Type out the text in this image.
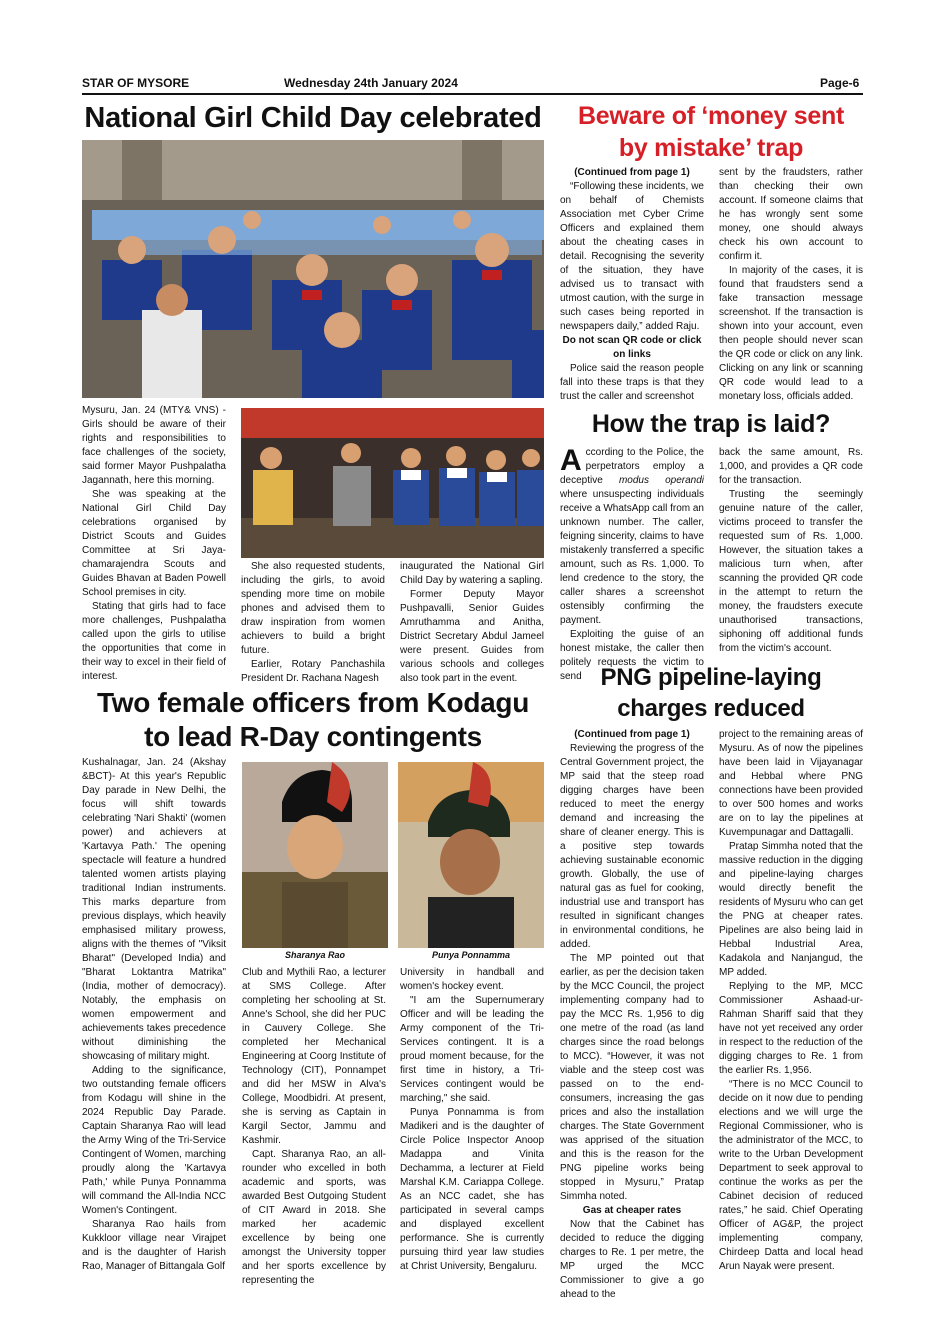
STAR OF MYSORE	Wednesday 24th January 2024	Page-6
National Girl Child Day celebrated

Mysuru, Jan. 24 (MTY& VNS) - Girls should be aware of their rights and responsibilities to face challenges of the society, said former Mayor Pushpalatha Jagannath, here this morning.

She was speaking at the National Girl Child Day celebrations organised by District Scouts and Guides Committee at Sri Jaya-chamarajendra Scouts and Guides Bhavan at Baden Powell School premises in city.

Stating that girls had to face more challenges, Pushpalatha called upon the girls to utilise the opportunities that come in their way to excel in their field of interest.

She also requested students, including the girls, to avoid spending more time on mobile phones and advised them to draw inspiration from women achievers to build a bright future.

Earlier, Rotary Panchashila President Dr. Rachana Nagesh

inaugurated the National Girl Child Day by watering a sapling.

Former Deputy Mayor Pushpavalli, Senior Guides Amruthamma and Anitha, District Secretary Abdul Jameel were present. Guides from various schools and colleges also took part in the event.

Two female officers from Kodagu
to lead R-Day contingents

Kushalnagar, Jan. 24 (Akshay &BCT)- At this year's Republic Day parade in New Delhi, the focus will shift towards celebrating 'Nari Shakti' (women power) and achievers at 'Kartavya Path.' The opening spectacle will feature a hundred talented women artists playing traditional Indian instruments. This marks departure from previous displays, which heavily emphasised military prowess, aligns with the themes of "Viksit Bharat" (Developed India) and "Bharat Loktantra Matrika" (India, mother of democracy). Notably, the emphasis on women empowerment and achievements takes precedence without diminishing the showcasing of military might.

Adding to the significance, two outstanding female officers from Kodagu will shine in the 2024 Republic Day Parade. Captain Sharanya Rao will lead the Army Wing of the Tri-Service Contingent of Women, marching proudly along the 'Kartavya Path,' while Punya Ponnamma will command the All-India NCC Women's Contingent.

Sharanya Rao hails from Kukkloor village near Virajpet and is the daughter of Harish Rao, Manager of Bittangala Golf

Sharanya Rao	Punya Ponnamma

Club and Mythili Rao, a lecturer at SMS College. After completing her schooling at St. Anne's School, she did her PUC in Cauvery College. She completed her Mechanical Engineering at Coorg Institute of Technology (CIT), Ponnampet and did her MSW in Alva's College, Moodbidri. At present, she is serving as Captain in Kargil Sector, Jammu and Kashmir.

Capt. Sharanya Rao, an all-rounder who excelled in both academic and sports, was awarded Best Outgoing Student of CIT Award in 2018. She marked her academic excellence by being one amongst the University topper and her sports excellence by representing the

University in handball and women's hockey event.

"I am the Supernumerary Officer and will be leading the Army component of the Tri-Services contingent. It is a proud moment because, for the first time in history, a Tri-Services contingent would be marching," she said.

Punya Ponnamma is from Madikeri and is the daughter of Circle Police Inspector Anoop Madappa and Vinita Dechamma, a lecturer at Field Marshal K.M. Cariappa College. As an NCC cadet, she has participated in several camps and displayed excellent performance. She is currently pursuing third year law studies at Christ University, Bengaluru.

Beware of ‘money sent
by mistake’ trap

(Continued from page 1)

“Following these incidents, we on behalf of Chemists Association met Cyber Crime Officers and explained them about the cheating cases in detail. Recognising the severity of the situation, they have advised us to transact with utmost caution, with the surge in such cases being reported in newspapers daily,” added Raju.

Do not scan QR code or click on links

Police said the reason people fall into these traps is that they trust the caller and screenshot

sent by the fraudsters, rather than checking their own account. If someone claims that he has wrongly sent some money, one should always check his own account to confirm it.

In majority of the cases, it is found that fraudsters send a fake transaction message screenshot. If the transaction is shown into your account, even then people should never scan the QR code or click on any link. Clicking on any link or scanning QR code would lead to a monetary loss, officials added.

How the trap is laid?

According to the Police, the perpetrators employ a deceptive modus operandi where unsuspecting individuals receive a WhatsApp call from an unknown number. The caller, feigning sincerity, claims to have mistakenly transferred a specific amount, such as Rs. 1,000. To lend credence to the story, the caller shares a screenshot ostensibly confirming the payment.

Exploiting the guise of an honest mistake, the caller then politely requests the victim to send

back the same amount, Rs. 1,000, and provides a QR code for the transaction.

Trusting the seemingly genuine nature of the caller, victims proceed to transfer the requested sum of Rs. 1,000. However, the situation takes a malicious turn when, after scanning the provided QR code in the attempt to return the money, the fraudsters execute unauthorised transactions, siphoning off additional funds from the victim's account.

PNG pipeline-laying
charges reduced

(Continued from page 1)

Reviewing the progress of the Central Government project, the MP said that the steep road digging charges have been reduced to meet the energy demand and increasing the share of cleaner energy. This is a positive step towards achieving sustainable economic growth. Globally, the use of natural gas as fuel for cooking, industrial use and transport has resulted in significant changes in environmental conditions, he added.

The MP pointed out that earlier, as per the decision taken by the MCC Council, the project implementing company had to pay the MCC Rs. 1,956 to dig one metre of the road (as land charges since the road belongs to MCC). “However, it was not viable and the steep cost was passed on to the end-consumers, increasing the gas prices and also the installation charges. The State Government was apprised of the situation and this is the reason for the PNG pipeline works being stopped in Mysuru,” Pratap Simmha noted.

Gas at cheaper rates

Now that the Cabinet has decided to reduce the digging charges to Re. 1 per metre, the MP urged the MCC Commissioner to give a go ahead to the

project to the remaining areas of Mysuru. As of now the pipelines have been laid in Vijayanagar and Hebbal where PNG connections have been provided to over 500 homes and works are on to lay the pipelines at Kuvempunagar and Dattagalli.

Pratap Simmha noted that the massive reduction in the digging and pipeline-laying charges would directly benefit the residents of Mysuru who can get the PNG at cheaper rates. Pipelines are also being laid in Hebbal Industrial Area, Kadakola and Nanjangud, the MP added.

Replying to the MP, MCC Commissioner Ashaad-ur-Rahman Shariff said that they have not yet received any order in respect to the reduction of the digging charges to Re. 1 from the earlier Rs. 1,956.

“There is no MCC Council to decide on it now due to pending elections and we will urge the Regional Commissioner, who is the administrator of the MCC, to write to the Urban Development Department to seek approval to continue the works as per the Cabinet decision of reduced rates,” he said. Chief Operating Officer of AG&P, the project implementing company, Chirdeep Datta and local head Arun Nayak were present.
